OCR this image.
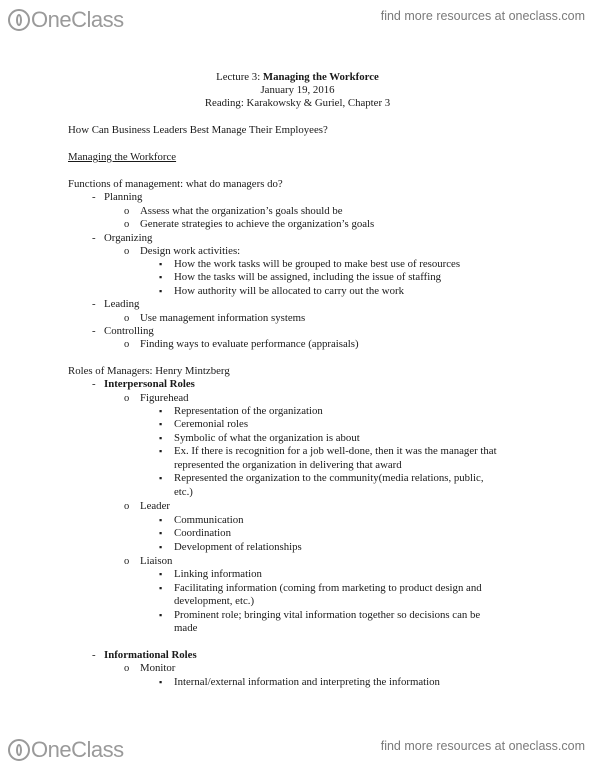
OneClass	find more resources at oneclass.com
Lecture 3: Managing the Workforce
January 19, 2016
Reading: Karakowsky & Guriel, Chapter 3
How Can Business Leaders Best Manage Their Employees?
Managing the Workforce
Functions of management: what do managers do?
- Planning
o Assess what the organization’s goals should be
o Generate strategies to achieve the organization’s goals
- Organizing
o Design work activities:
▪ How the work tasks will be grouped to make best use of resources
▪ How the tasks will be assigned, including the issue of staffing
▪ How authority will be allocated to carry out the work
- Leading
o Use management information systems
- Controlling
o Finding ways to evaluate performance (appraisals)
Roles of Managers: Henry Mintzberg
- Interpersonal Roles
o Figurehead
▪ Representation of the organization
▪ Ceremonial roles
▪ Symbolic of what the organization is about
▪ Ex. If there is recognition for a job well-done, then it was the manager that
represented the organization in delivering that award
▪ Represented the organization to the community(media relations, public,
etc.)
o Leader
▪ Communication
▪ Coordination
▪ Development of relationships
o Liaison
▪ Linking information
▪ Facilitating information (coming from marketing to product design and
development, etc.)
▪ Prominent role; bringing vital information together so decisions can be
made
- Informational Roles
o Monitor
▪ Internal/external information and interpreting the information
OneClass	find more resources at oneclass.com
